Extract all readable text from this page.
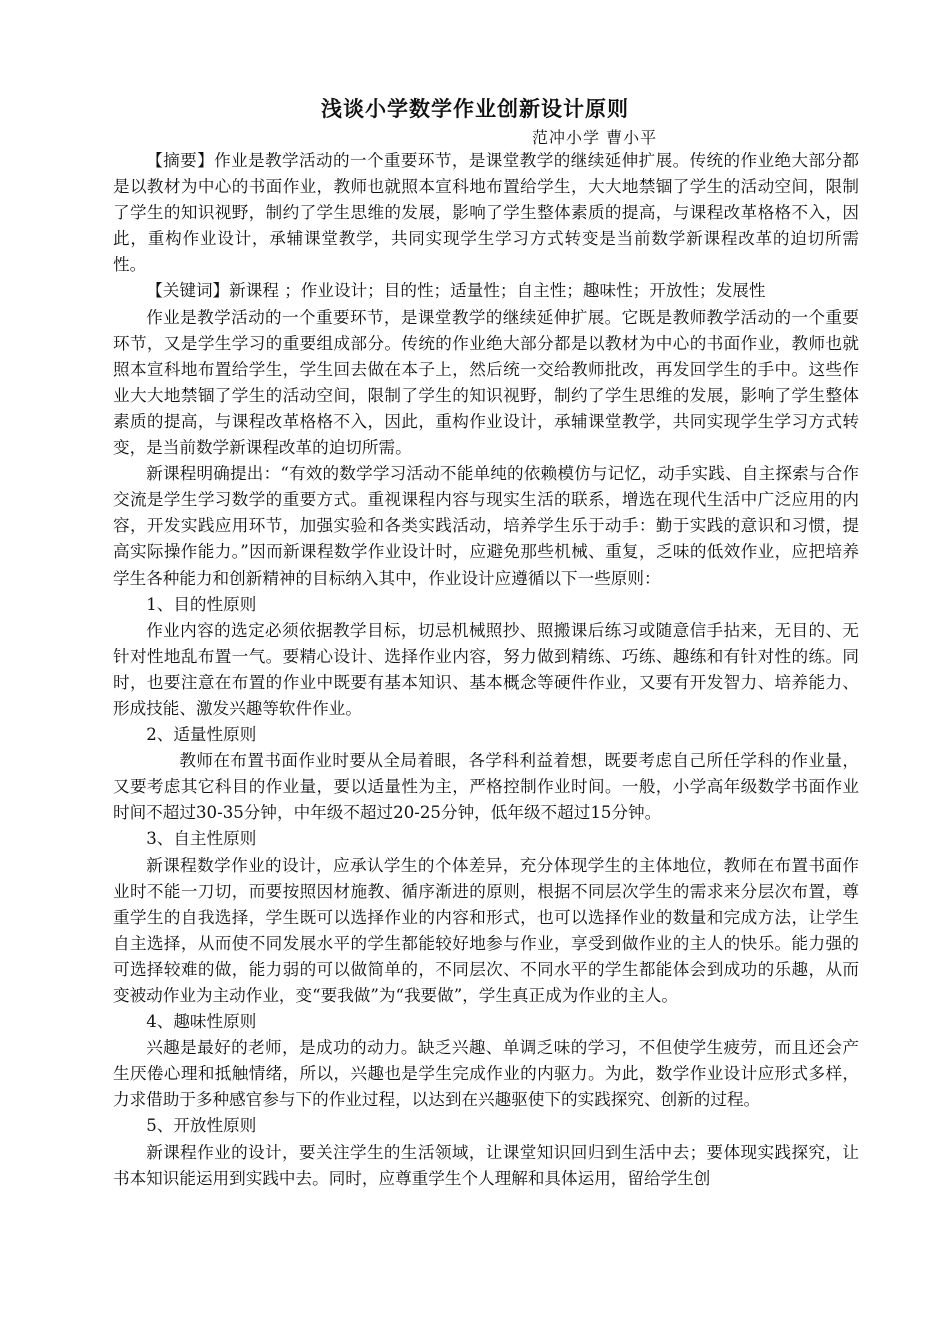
浅谈小学数学作业创新设计原则
范冲小学 曹小平

【摘要】作业是教学活动的一个重要环节，是课堂教学的继续延伸扩展。传统的作业绝大部分都是以教材为中心的书面作业，教师也就照本宣科地布置给学生，大大地禁锢了学生的活动空间，限制了学生的知识视野，制约了学生思维的发展，影响了学生整体素质的提高，与课程改革格格不入，因此，重构作业设计，承辅课堂教学，共同实现学生学习方式转变是当前数学新课程改革的迫切所需性。

【关键词】新课程 ；作业设计；目的性；适量性；自主性；趣味性；开放性；发展性

作业是教学活动的一个重要环节，是课堂教学的继续延伸扩展。它既是教师教学活动的一个重要环节，又是学生学习的重要组成部分。传统的作业绝大部分都是以教材为中心的书面作业，教师也就照本宣科地布置给学生，学生回去做在本子上，然后统一交给教师批改，再发回学生的手中。这些作业大大地禁锢了学生的活动空间，限制了学生的知识视野，制约了学生思维的发展，影响了学生整体素质的提高，与课程改革格格不入，因此，重构作业设计，承辅课堂教学，共同实现学生学习方式转变，是当前数学新课程改革的迫切所需。

新课程明确提出：“有效的数学学习活动不能单纯的依赖模仿与记忆，动手实践、自主探索与合作交流是学生学习数学的重要方式。重视课程内容与现实生活的联系，增选在现代生活中广泛应用的内容，开发实践应用环节，加强实验和各类实践活动，培养学生乐于动手：勤于实践的意识和习惯，提高实际操作能力。”因而新课程数学作业设计时，应避免那些机械、重复，乏味的低效作业，应把培养学生各种能力和创新精神的目标纳入其中，作业设计应遵循以下一些原则：

1、目的性原则

作业内容的选定必须依据教学目标，切忌机械照抄、照搬课后练习或随意信手拈来，无目的、无针对性地乱布置一气。要精心设计、选择作业内容，努力做到精练、巧练、趣练和有针对性的练。同时，也要注意在布置的作业中既要有基本知识、基本概念等硬件作业，又要有开发智力、培养能力、形成技能、激发兴趣等软件作业。

2、适量性原则

教师在布置书面作业时要从全局着眼，各学科利益着想，既要考虑自己所任学科的作业量，又要考虑其它科目的作业量，要以适量性为主，严格控制作业时间。一般，小学高年级数学书面作业时间不超过30-35分钟，中年级不超过20-25分钟，低年级不超过15分钟。

3、自主性原则

新课程数学作业的设计，应承认学生的个体差异，充分体现学生的主体地位，教师在布置书面作业时不能一刀切，而要按照因材施教、循序渐进的原则，根据不同层次学生的需求来分层次布置，尊重学生的自我选择，学生既可以选择作业的内容和形式，也可以选择作业的数量和完成方法，让学生自主选择，从而使不同发展水平的学生都能较好地参与作业，享受到做作业的主人的快乐。能力强的可选择较难的做，能力弱的可以做简单的，不同层次、不同水平的学生都能体会到成功的乐趣，从而变被动作业为主动作业，变“要我做”为“我要做”，学生真正成为作业的主人。

4、趣味性原则

兴趣是最好的老师，是成功的动力。缺乏兴趣、单调乏味的学习，不但使学生疲劳，而且还会产生厌倦心理和抵触情绪，所以，兴趣也是学生完成作业的内驱力。为此，数学作业设计应形式多样，力求借助于多种感官参与下的作业过程，以达到在兴趣驱使下的实践探究、创新的过程。

5、开放性原则

新课程作业的设计，要关注学生的生活领域，让课堂知识回归到生活中去；要体现实践探究，让书本知识能运用到实践中去。同时，应尊重学生个人理解和具体运用，留给学生创
